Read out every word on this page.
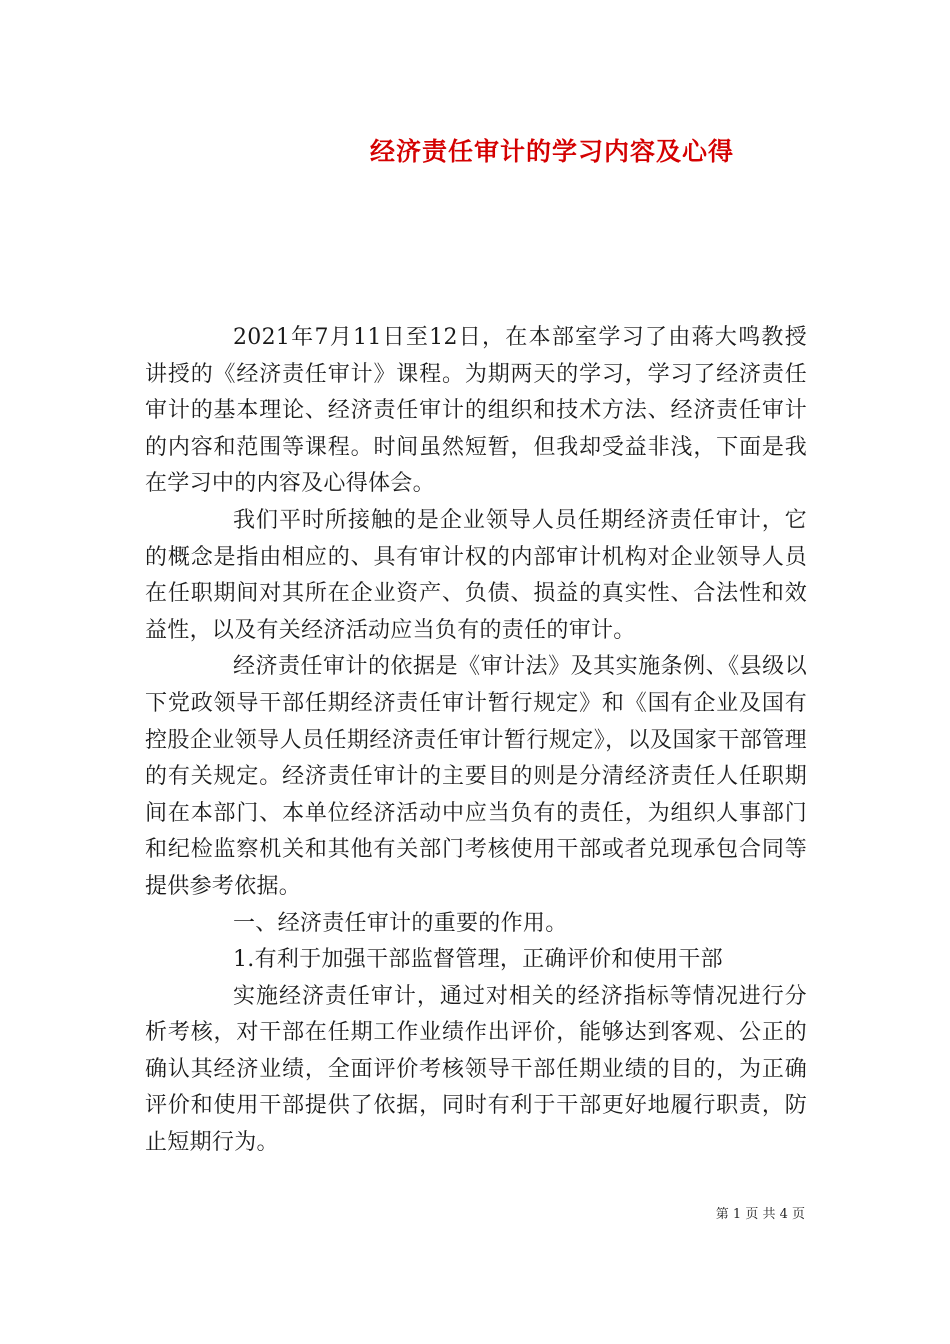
经济责任审计的学习内容及心得

2021年7月11日至12日，在本部室学习了由蒋大鸣教授讲授的《经济责任审计》课程。为期两天的学习，学习了经济责任审计的基本理论、经济责任审计的组织和技术方法、经济责任审计的内容和范围等课程。时间虽然短暂，但我却受益非浅，下面是我在学习中的内容及心得体会。

我们平时所接触的是企业领导人员任期经济责任审计，它的概念是指由相应的、具有审计权的内部审计机构对企业领导人员在任职期间对其所在企业资产、负债、损益的真实性、合法性和效益性，以及有关经济活动应当负有的责任的审计。

经济责任审计的依据是《审计法》及其实施条例、《县级以下党政领导干部任期经济责任审计暂行规定》和《国有企业及国有控股企业领导人员任期经济责任审计暂行规定》，以及国家干部管理的有关规定。经济责任审计的主要目的则是分清经济责任人任职期间在本部门、本单位经济活动中应当负有的责任，为组织人事部门和纪检监察机关和其他有关部门考核使用干部或者兑现承包合同等提供参考依据。

一、经济责任审计的重要的作用。

1.有利于加强干部监督管理，正确评价和使用干部

实施经济责任审计，通过对相关的经济指标等情况进行分析考核，对干部在任期工作业绩作出评价，能够达到客观、公正的确认其经济业绩，全面评价考核领导干部任期业绩的目的，为正确评价和使用干部提供了依据，同时有利于干部更好地履行职责，防止短期行为。

第 1 页 共 4 页
